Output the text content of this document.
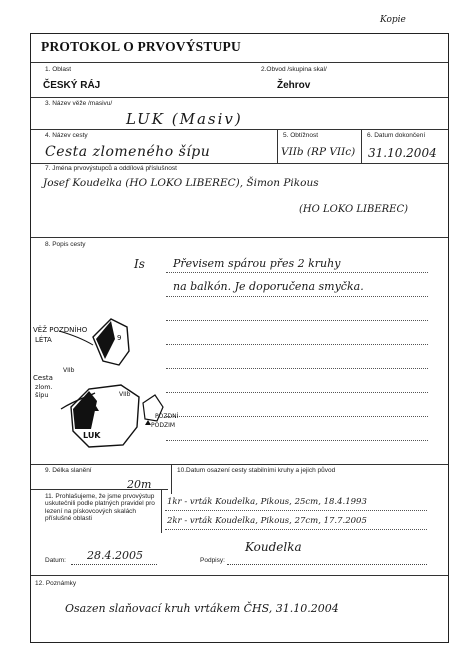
Kopie
PROTOKOL O PRVOVÝSTUPU
1. Oblast
ČESKÝ RÁJ
2.Obvod /skupina skal/
Žehrov
3. Název věže /masivu/
LUK (Masiv)
4. Název cesty
Cesta zlomeného šípu
5. Obtížnost
VIIb (RP VIIc)
6. Datum dokončení
31.10.2004
7. Jména prvovýstupců a oddílová příslušnost
Josef Koudelka (HO LOKO LIBEREC), Šimon Pikous
(HO LOKO LIBEREC)
8. Popis cesty
Is	Převisem spárou přes 2 kruhy
na balkón. Je doporučena smyčka.
VĚŽ POZDNÍHO
LÉTA	9
Cesta
zlom.
šípu
VIIb
VIIb
LUK
POZDNÍ
PODZIM
9. Délka slanění
20m
10.Datum osazení cesty stabilními kruhy a jejich původ
11. Prohlašujeme, že jsme prvovýstup uskutečnili podle platných pravidel pro lezení na pískovcových skalách příslušné oblasti
1kr - vrták Koudelka, Pikous, 25cm, 18.4.1993
2kr - vrták Koudelka, Pikous, 27cm, 17.7.2005
Datum: 28.4.2005	Podpisy:
Koudelka
12. Poznámky
Osazen slaňovací kruh vrtákem ČHS, 31.10.2004
